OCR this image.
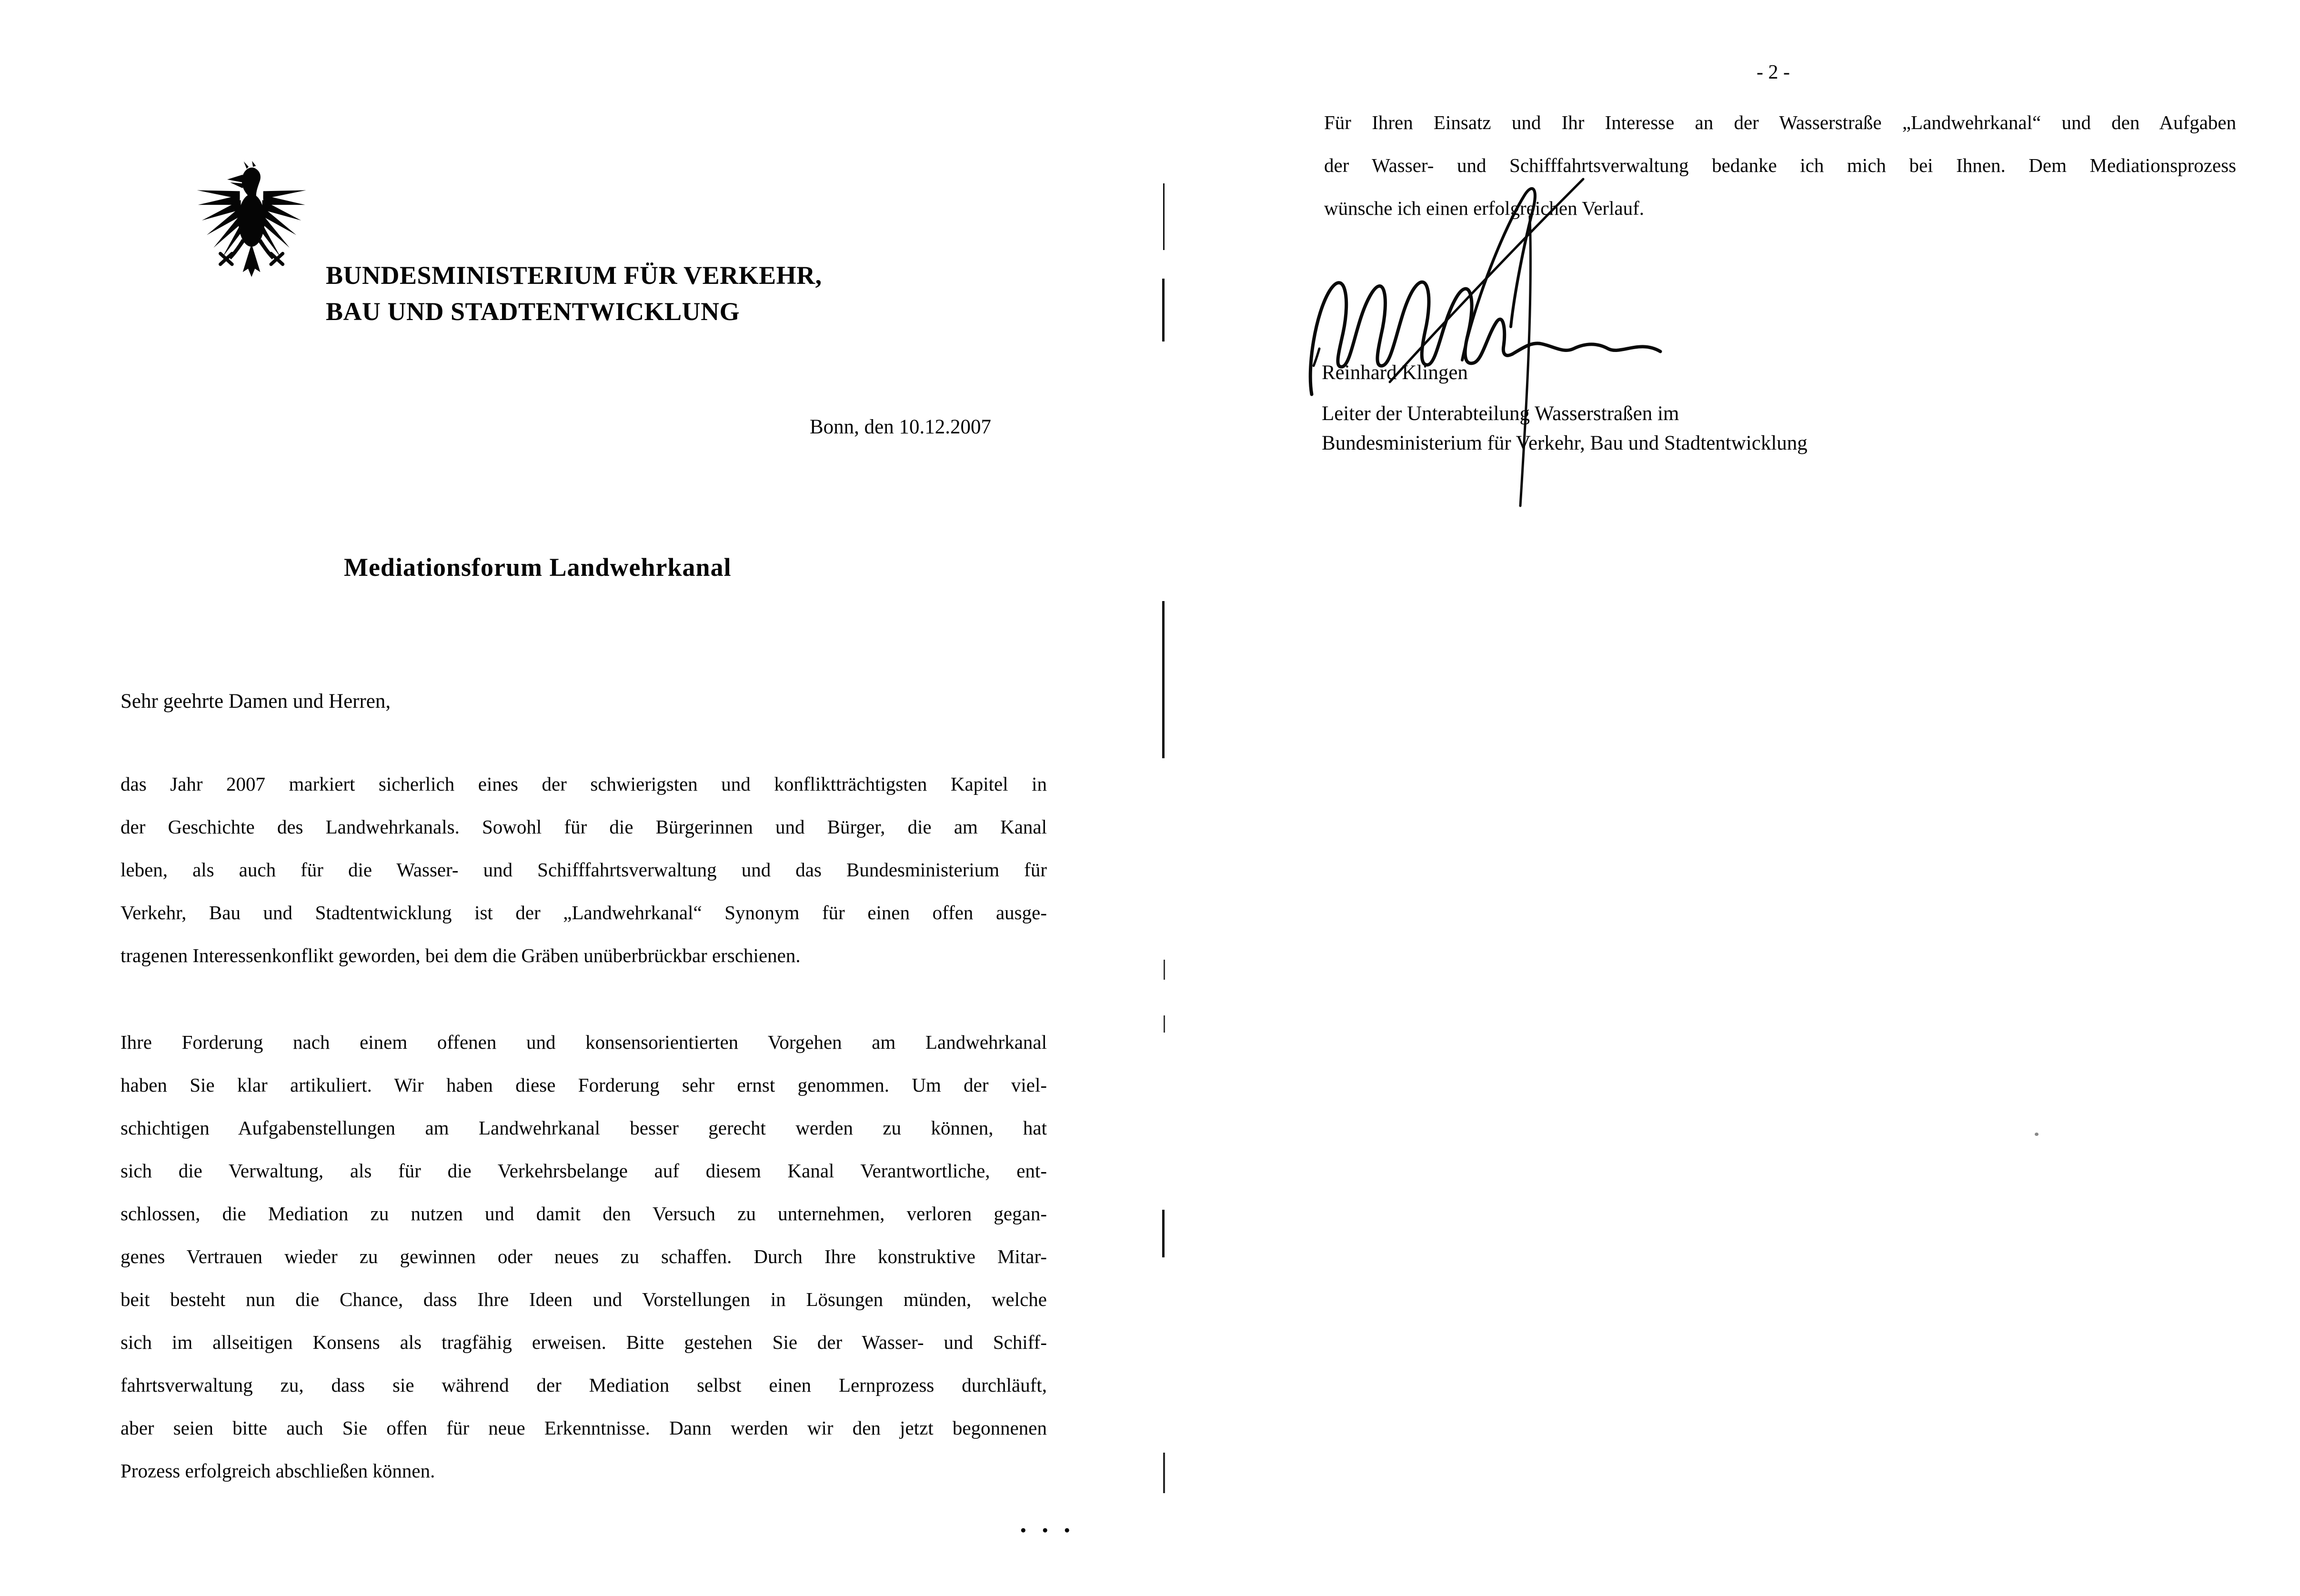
BUNDESMINISTERIUM FÜR VERKEHR,
BAU UND STADTENTWICKLUNG
Bonn, den 10.12.2007
Mediationsforum Landwehrkanal
Sehr geehrte Damen und Herren,
das Jahr 2007 markiert sicherlich eines der schwierigsten und konfliktträchtigsten Kapitel in
der Geschichte des Landwehrkanals. Sowohl für die Bürgerinnen und Bürger, die am Kanal
leben, als auch für die Wasser- und Schifffahrtsverwaltung und das Bundesministerium für
Verkehr, Bau und Stadtentwicklung ist der „Landwehrkanal“ Synonym für einen offen ausge-
tragenen Interessenkonflikt geworden, bei dem die Gräben unüberbrückbar erschienen.
Ihre Forderung nach einem offenen und konsensorientierten Vorgehen am Landwehrkanal
haben Sie klar artikuliert. Wir haben diese Forderung sehr ernst genommen. Um der viel-
schichtigen Aufgabenstellungen am Landwehrkanal besser gerecht werden zu können, hat
sich die Verwaltung, als für die Verkehrsbelange auf diesem Kanal Verantwortliche, ent-
schlossen, die Mediation zu nutzen und damit den Versuch zu unternehmen, verloren gegan-
genes Vertrauen wieder zu gewinnen oder neues zu schaffen. Durch Ihre konstruktive Mitar-
beit besteht nun die Chance, dass Ihre Ideen und Vorstellungen in Lösungen münden, welche
sich im allseitigen Konsens als tragfähig erweisen. Bitte gestehen Sie der Wasser- und Schiff-
fahrtsverwaltung zu, dass sie während der Mediation selbst einen Lernprozess durchläuft,
aber seien bitte auch Sie offen für neue Erkenntnisse. Dann werden wir den jetzt begonnenen
Prozess erfolgreich abschließen können.
● ● ●
- 2 -
Für Ihren Einsatz und Ihr Interesse an der Wasserstraße „Landwehrkanal“ und den Aufgaben
der Wasser- und Schifffahrtsverwaltung bedanke ich mich bei Ihnen. Dem Mediationsprozess
wünsche ich einen erfolgreichen Verlauf.
Reinhard Klingen
Leiter der Unterabteilung Wasserstraßen im
Bundesministerium für Verkehr, Bau und Stadtentwicklung
